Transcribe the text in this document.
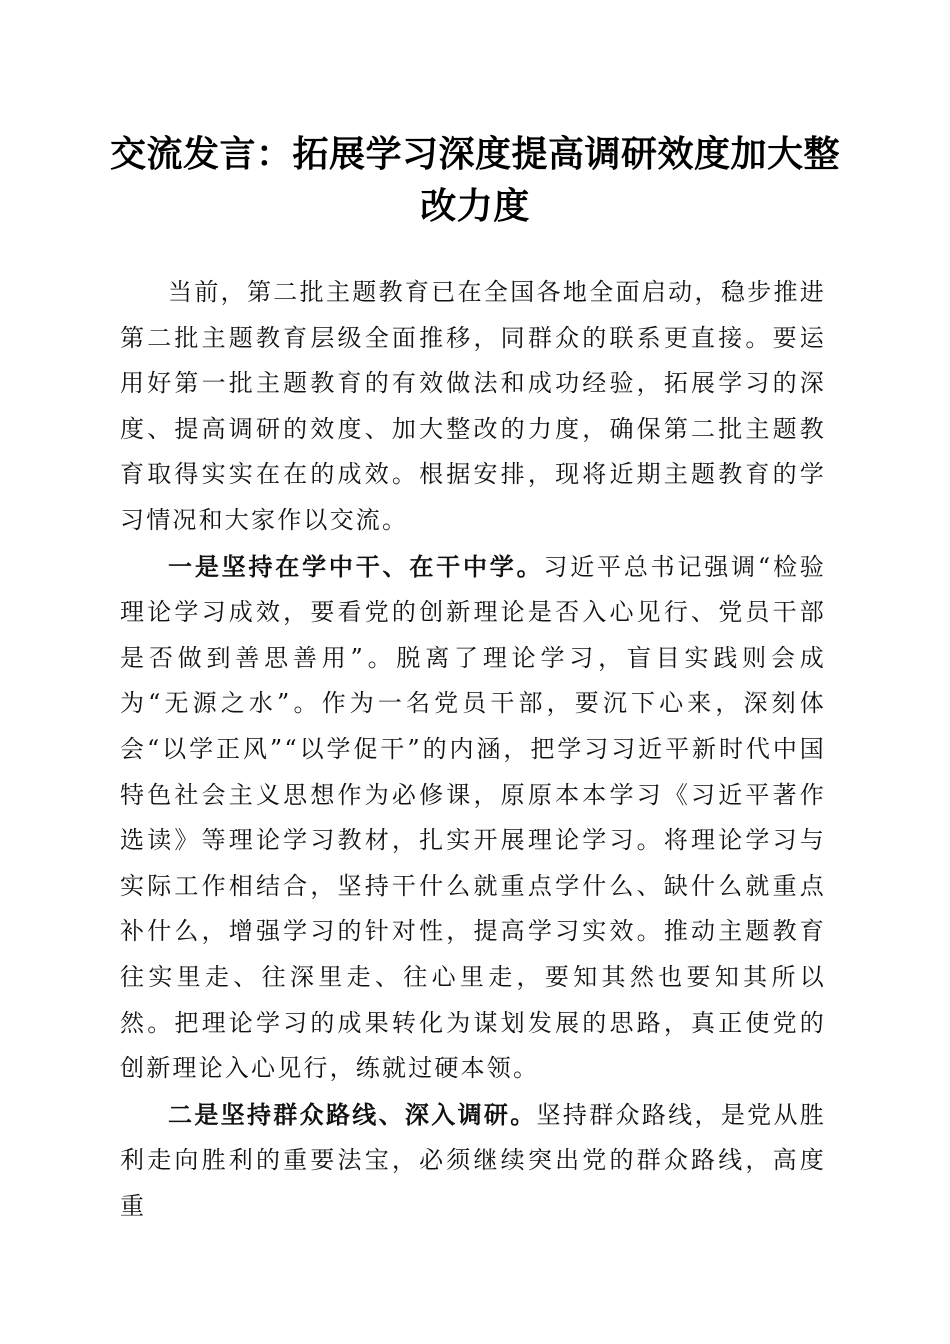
交流发言：拓展学习深度提高调研效度加大整改力度

当前，第二批主题教育已在全国各地全面启动，稳步推进第二批主题教育层级全面推移，同群众的联系更直接。要运用好第一批主题教育的有效做法和成功经验，拓展学习的深度、提高调研的效度、加大整改的力度，确保第二批主题教育取得实实在在的成效。根据安排，现将近期主题教育的学习情况和大家作以交流。

一是坚持在学中干、在干中学。习近平总书记强调“检验理论学习成效，要看党的创新理论是否入心见行、党员干部是否做到善思善用”。脱离了理论学习，盲目实践则会成为“无源之水”。作为一名党员干部，要沉下心来，深刻体会“以学正风”“以学促干”的内涵，把学习习近平新时代中国特色社会主义思想作为必修课，原原本本学习《习近平著作选读》等理论学习教材，扎实开展理论学习。将理论学习与实际工作相结合，坚持干什么就重点学什么、缺什么就重点补什么，增强学习的针对性，提高学习实效。推动主题教育往实里走、往深里走、往心里走，要知其然也要知其所以然。把理论学习的成果转化为谋划发展的思路，真正使党的创新理论入心见行，练就过硬本领。

二是坚持群众路线、深入调研。坚持群众路线，是党从胜利走向胜利的重要法宝，必须继续突出党的群众路线，高度重
